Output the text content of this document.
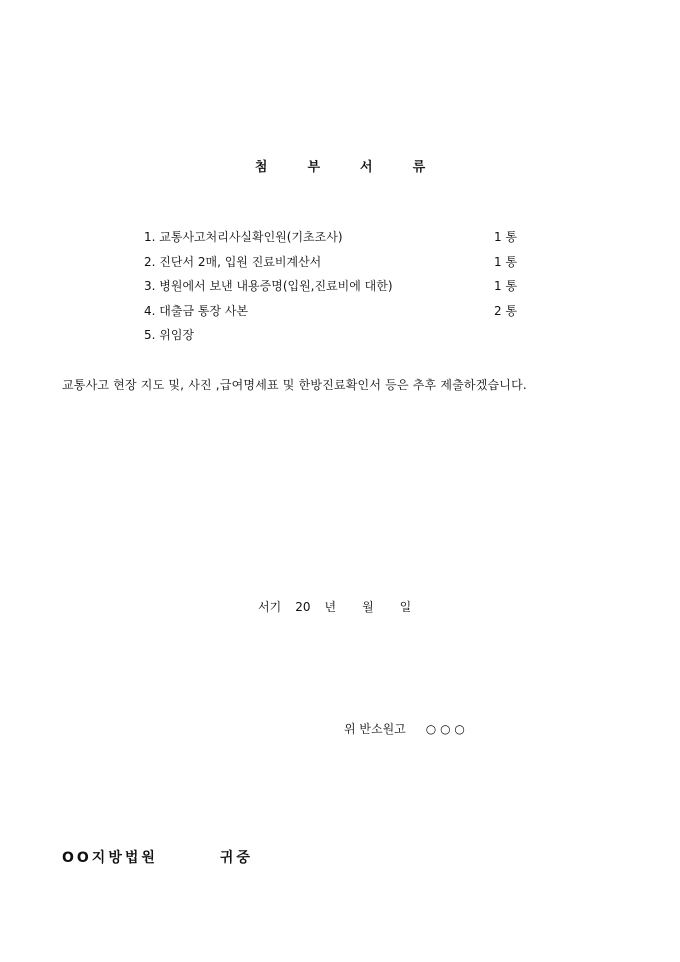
첨	부	서	류
1. 교통사고처리사실확인원(기초조사)	1 통
2. 진단서 2매, 입원 진료비계산서	1 통
3. 병원에서 보낸 내용증명(입원,진료비에 대한)	1 통
4. 대출금 통장 사본	2 통
5. 위임장
교통사고 현장 지도 및, 사진 ,급여명세표 및 한방진료확인서 등은 추후 제출하겠습니다.
서기 20 년 월 일
위 반소원고 ○ ○ ○
OO지방법원	귀중
